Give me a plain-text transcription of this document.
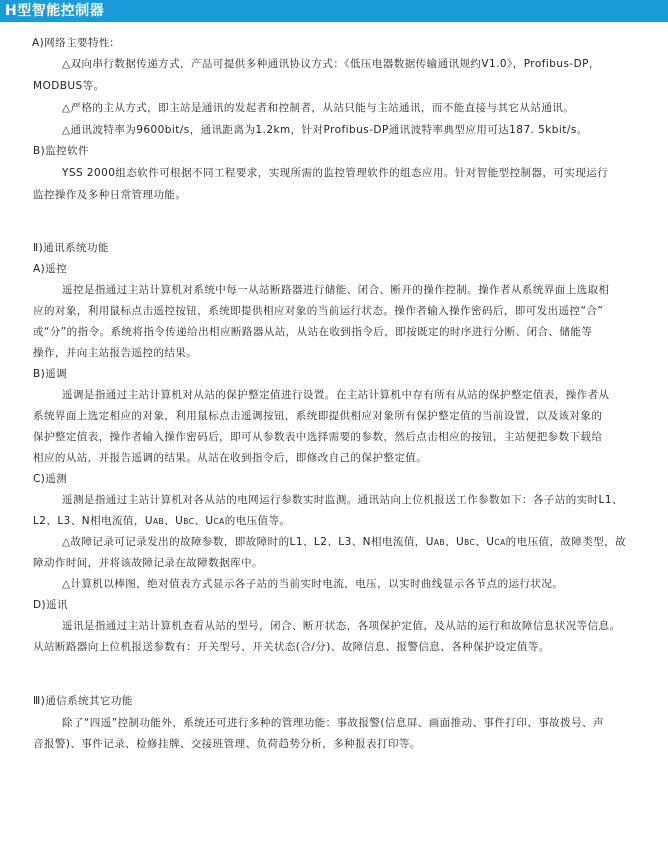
H型智能控制器
A)网络主要特性:
△双向串行数据传递方式，产品可提供多种通讯协议方式：《低压电器数据传输通讯规约V1.0》，Profibus-DP，
MODBUS等。
△严格的主从方式，即主站是通讯的发起者和控制者，从站只能与主站通讯，而不能直接与其它从站通讯。
△通讯波特率为9600bit/s，通讯距离为1.2km，针对Profibus-DP通讯波特率典型应用可达187. 5kbit/s。
B)监控软件
YSS 2000组态软件可根据不同工程要求，实现所需的监控管理软件的组态应用。针对智能型控制器，可实现运行
监控操作及多种日常管理功能。
Ⅱ)通讯系统功能
A)遥控
遥控是指通过主站计算机对系统中每一从站断路器进行储能、闭合、断开的操作控制。操作者从系统界面上选取相
应的对象，利用鼠标点击遥控按钮，系统即提供相应对象的当前运行状态。操作者输入操作密码后，即可发出遥控“合”
或“分”的指令。系统将指令传递给出相应断路器从站，从站在收到指令后，即按既定的时序进行分断、闭合、储能等
操作，并向主站报告遥控的结果。
B)遥调
遥调是指通过主站计算机对从站的保护整定值进行设置。在主站计算机中存有所有从站的保护整定值表，操作者从
系统界面上选定相应的对象，利用鼠标点击遥调按钮，系统即提供相应对象所有保护整定值的当前设置，以及该对象的
保护整定值表，操作者输入操作密码后，即可从参数表中选择需要的参数，然后点击相应的按钮，主站便把参数下载给
相应的从站，并报告遥调的结果。从站在收到指令后，即修改自己的保护整定值。
C)遥测
遥测是指通过主站计算机对各从站的电网运行参数实时监测。通讯站向上位机报送工作参数如下：各子站的实时L1、
L2、L3、N相电流值，UAB、UBC、UCA的电压值等。
△故障记录可记录发出的故障参数，即故障时的L1、L2、L3、N相电流值，UAB、UBC、UCA的电压值，故障类型，故
障动作时间，并将该故障记录在故障数据库中。
△计算机以棒图，绝对值表方式显示各子站的当前实时电流，电压，以实时曲线显示各节点的运行状况。
D)遥讯
遥讯是指通过主站计算机查看从站的型号，闭合、断开状态，各项保护定值，及从站的运行和故障信息状况等信息。
从站断路器向上位机报送参数有：开关型号、开关状态(合/分)、故障信息、报警信息、各种保护设定值等。
Ⅲ)通信系统其它功能
除了“四遥”控制功能外，系统还可进行多种的管理功能：事故报警(信息屏、画面推动、事件打印、事故拨号、声
音报警)、事件记录、检修挂牌、交接班管理、负荷趋势分析，多种报表打印等。
